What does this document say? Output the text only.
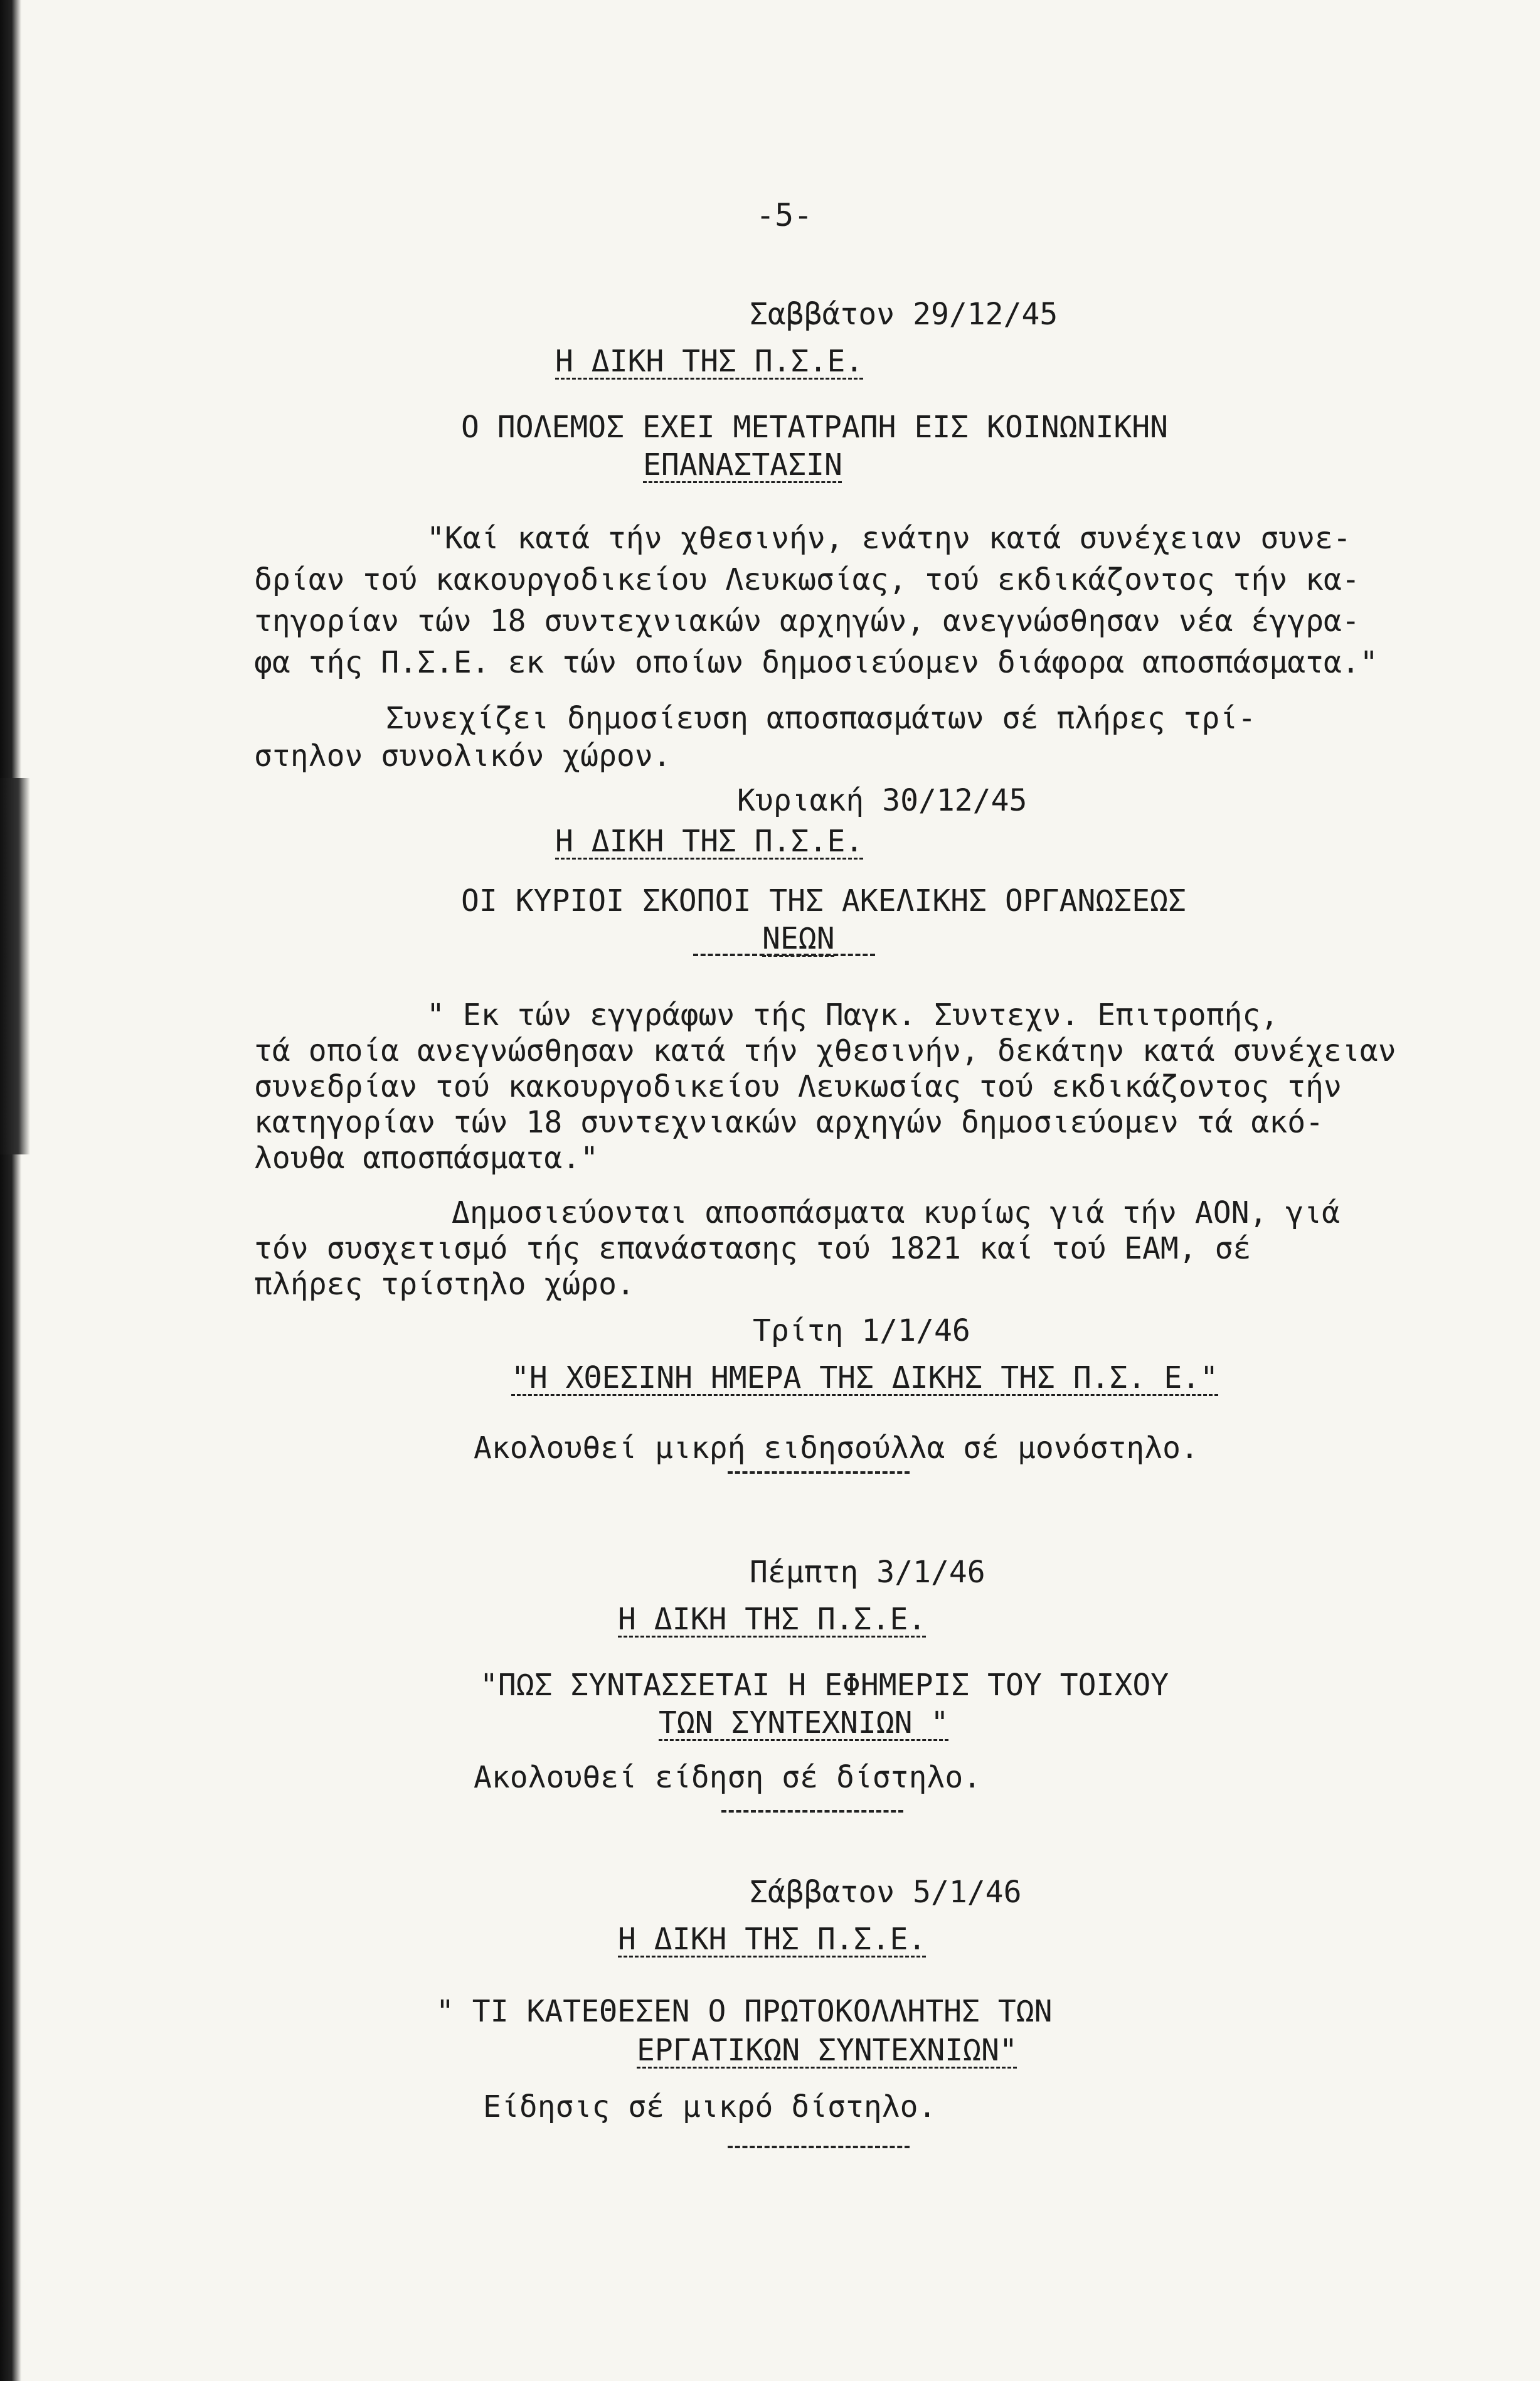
-5-

Σαββάτον 29/12/45

Η ΔΙΚΗ ΤΗΣ Π.Σ.Ε.

Ο ΠΟΛΕΜΟΣ ΕΧΕΙ ΜΕΤΑΤΡΑΠΗ ΕΙΣ ΚΟΙΝΩΝΙΚΗΝ

ΕΠΑΝΑΣΤΑΣΙΝ

"Καί κατά τήν χθεσινήν, ενάτην κατά συνέχειαν συνε-

δρίαν τού κακουργοδικείου Λευκωσίας, τού εκδικάζοντος τήν κα-

τηγορίαν τών 18 συντεχνιακών αρχηγών, ανεγνώσθησαν νέα έγγρα-

φα τής Π.Σ.Ε. εκ τών οποίων δημοσιεύομεν διάφορα αποσπάσματα."

Συνεχίζει δημοσίευση αποσπασμάτων σέ πλήρες τρί-

στηλον συνολικόν χώρον.

Κυριακή 30/12/45

Η ΔΙΚΗ ΤΗΣ Π.Σ.Ε.

ΟΙ ΚΥΡΙΟΙ ΣΚΟΠΟΙ ΤΗΣ ΑΚΕΛΙΚΗΣ ΟΡΓΑΝΩΣΕΩΣ

ΝΕΩΝ

" Εκ τών εγγράφων τής Παγκ. Συντεχν. Επιτροπής,

τά οποία ανεγνώσθησαν κατά τήν χθεσινήν, δεκάτην κατά συνέχειαν

συνεδρίαν τού κακουργοδικείου Λευκωσίας τού εκδικάζοντος τήν

κατηγορίαν τών 18 συντεχνιακών αρχηγών δημοσιεύομεν τά ακό-

λουθα αποσπάσματα."

Δημοσιεύονται αποσπάσματα κυρίως γιά τήν ΑΟΝ, γιά

τόν συσχετισμό τής επανάστασης τού 1821 καί τού ΕΑΜ, σέ

πλήρες τρίστηλο χώρο.

Τρίτη 1/1/46

"Η ΧΘΕΣΙΝΗ ΗΜΕΡΑ ΤΗΣ ΔΙΚΗΣ ΤΗΣ Π.Σ. Ε."

Ακολουθεί μικρή ειδησούλλα σέ μονόστηλο.

Πέμπτη 3/1/46

Η ΔΙΚΗ ΤΗΣ Π.Σ.Ε.

"ΠΩΣ ΣΥΝΤΑΣΣΕΤΑΙ Η ΕΦΗΜΕΡΙΣ ΤΟΥ ΤΟΙΧΟΥ

ΤΩΝ ΣΥΝΤΕΧΝΙΩΝ "

Ακολουθεί είδηση σέ δίστηλο.

Σάββατον 5/1/46

Η ΔΙΚΗ ΤΗΣ Π.Σ.Ε.

" ΤΙ ΚΑΤΕΘΕΣΕΝ Ο ΠΡΩΤΟΚΟΛΛΗΤΗΣ ΤΩΝ

ΕΡΓΑΤΙΚΩΝ ΣΥΝΤΕΧΝΙΩΝ"

Είδησις σέ μικρό δίστηλο.
